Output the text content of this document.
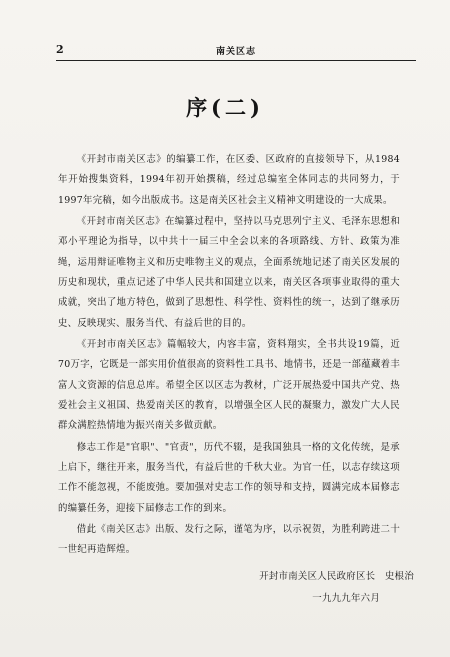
2	南关区志
序(二)

《开封市南关区志》的编纂工作，在区委、区政府的直接领导下，从1984年开始搜集资料，1994年初开始撰稿，经过总编室全体同志的共同努力，于1997年完稿，如今出版成书。这是南关区社会主义精神文明建设的一大成果。

《开封市南关区志》在编纂过程中，坚持以马克思列宁主义、毛泽东思想和邓小平理论为指导，以中共十一届三中全会以来的各项路线、方针、政策为准绳，运用辩证唯物主义和历史唯物主义的观点，全面系统地记述了南关区发展的历史和现状，重点记述了中华人民共和国建立以来，南关区各项事业取得的重大成就，突出了地方特色，做到了思想性、科学性、资料性的统一，达到了继承历史、反映现实、服务当代、有益后世的目的。

《开封市南关区志》篇幅较大，内容丰富，资料翔实，全书共设19篇，近70万字，它既是一部实用价值很高的资料性工具书、地情书，还是一部蕴藏着丰富人文资源的信息总库。希望全区以区志为教材，广泛开展热爱中国共产党、热爱社会主义祖国、热爱南关区的教育，以增强全区人民的凝聚力，激发广大人民群众满腔热情地为振兴南关多做贡献。

修志工作是"官职"、"官责"，历代不辍，是我国独具一格的文化传统，是承上启下，继往开来，服务当代，有益后世的千秋大业。为官一任，以志存续这项工作不能忽视，不能废弛。要加强对史志工作的领导和支持，圆满完成本届修志的编纂任务，迎接下届修志工作的到来。

借此《南关区志》出版、发行之际，谨笔为序，以示祝贺，为胜利跨进二十一世纪再造辉煌。

开封市南关区人民政府区长　史根治
一九九九年六月
